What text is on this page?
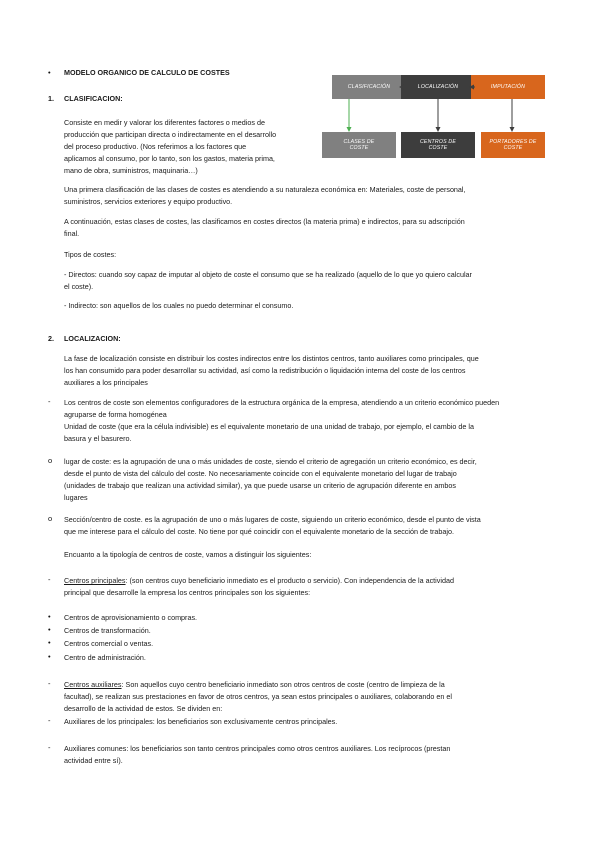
• MODELO ORGANICO DE CALCULO DE COSTES
CLASIFICACIÓN	LOCALIZACIÓN	IMPUTACIÓN
CLASES DE COSTE
CENTROS DE COSTE
PORTADORES DE COSTE
1. CLASIFICACION:
Consiste en medir y valorar los diferentes factores o medios de
producción que participan directa o indirectamente en el desarrollo
del proceso productivo. (Nos referimos a los factores que
aplicamos al consumo, por lo tanto, son los gastos, materia prima,
mano de obra, suministros, maquinaria…)
Una primera clasificación de las clases de costes es atendiendo a su naturaleza económica en: Materiales, coste de personal,
suministros, servicios exteriores y equipo productivo.
A continuación, estas clases de costes, las clasificamos en costes directos (la materia prima) e indirectos, para su adscripción
final.
Tipos de costes:
- Directos: cuando soy capaz de imputar al objeto de coste el consumo que se ha realizado (aquello de lo que yo quiero calcular
el coste).
- Indirecto: son aquellos de los cuales no puedo determinar el consumo.
2. LOCALIZACION:
La fase de localización consiste en distribuir los costes indirectos entre los distintos centros, tanto auxiliares como principales, que
los han consumido para poder desarrollar su actividad, así como la redistribución o liquidación interna del coste de los centros
auxiliares a los principales
- Los centros de coste son elementos configuradores de la estructura orgánica de la empresa, atendiendo a un criterio económico pueden
agruparse de forma homogénea
Unidad de coste (que era la célula indivisible) es el equivalente monetario de una unidad de trabajo, por ejemplo, el cambio de la
basura y el basurero.
o lugar de coste: es la agrupación de una o más unidades de coste, siendo el criterio de agregación un criterio económico, es decir,
desde el punto de vista del cálculo del coste. No necesariamente coincide con el equivalente monetario del lugar de trabajo
(unidades de trabajo que realizan una actividad similar), ya que puede usarse un criterio de agrupación diferente en ambos
lugares
o Sección/centro de coste. es la agrupación de uno o más lugares de coste, siguiendo un criterio económico, desde el punto de vista
que me interese para el cálculo del coste. No tiene por qué coincidir con el equivalente monetario de la sección de trabajo.
Encuanto a la tipología de centros de coste, vamos a distinguir los siguientes:
- Centros principales: (son centros cuyo beneficiario inmediato es el producto o servicio). Con independencia de la actividad
principal que desarrolle la empresa los centros principales son los siguientes:
• Centros de aprovisionamiento o compras.
• Centros de transformación.
• Centros comercial o ventas.
• Centro de administración.
- Centros auxiliares: Son aquellos cuyo centro beneficiario inmediato son otros centros de coste (centro de limpieza de la
facultad), se realizan sus prestaciones en favor de otros centros, ya sean estos principales o auxiliares, colaborando en el
desarrollo de la actividad de estos. Se dividen en:
- Auxiliares de los principales: los beneficiarios son exclusivamente centros principales.
- Auxiliares comunes: los beneficiarios son tanto centros principales como otros centros auxiliares. Los recíprocos (prestan
actividad entre sí).
